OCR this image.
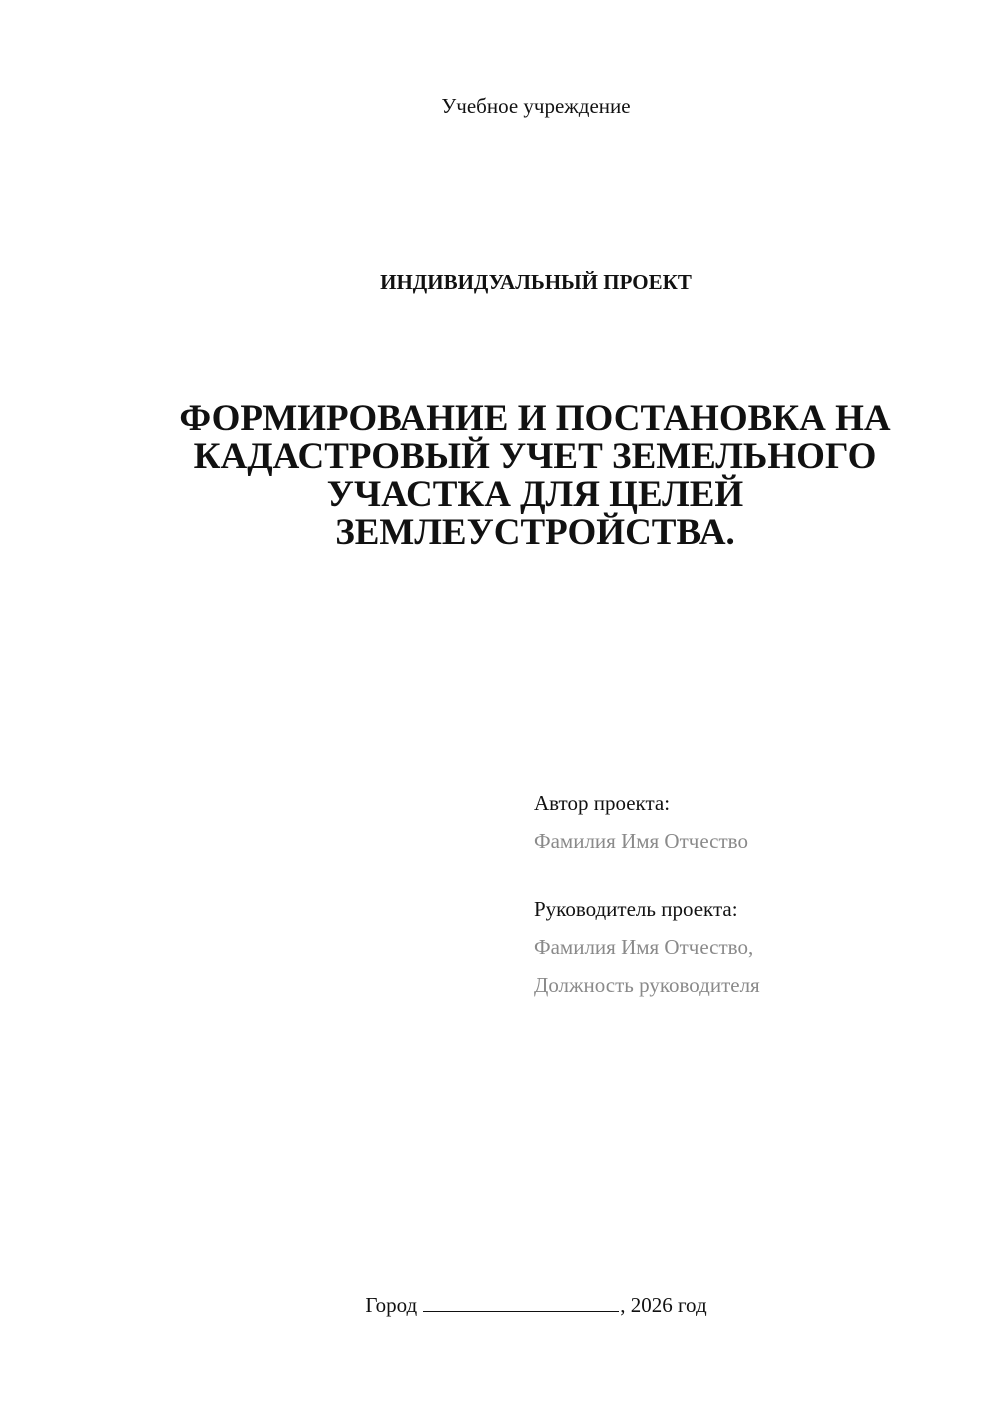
Учебное учреждение
ИНДИВИДУАЛЬНЫЙ ПРОЕКТ
ФОРМИРОВАНИЕ И ПОСТАНОВКА НА
КАДАСТРОВЫЙ УЧЕТ ЗЕМЕЛЬНОГО
УЧАСТКА ДЛЯ ЦЕЛЕЙ
ЗЕМЛЕУСТРОЙСТВА.
Автор проекта:
Фамилия Имя Отчество
Руководитель проекта:
Фамилия Имя Отчество,
Должность руководителя
Город	, 2026 год
